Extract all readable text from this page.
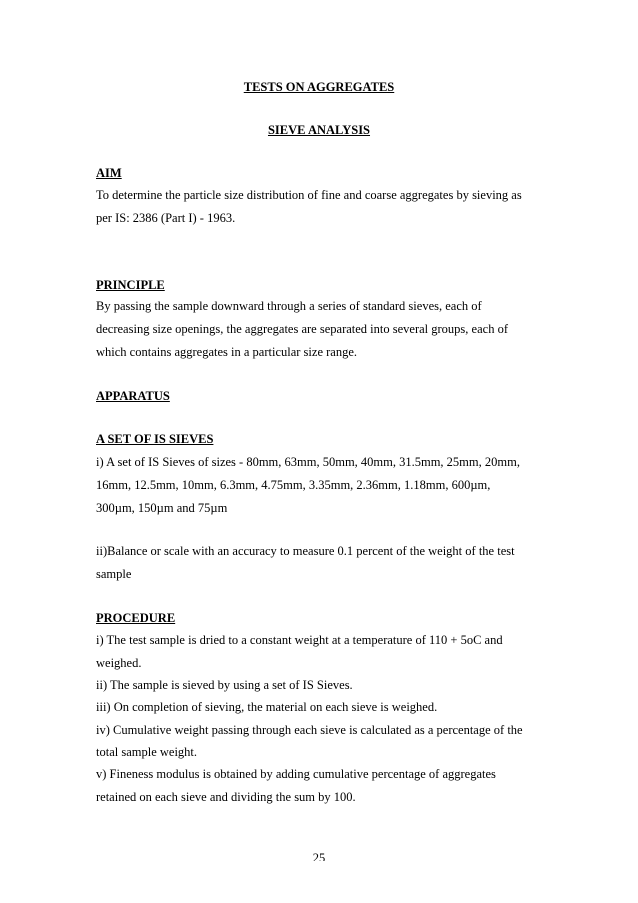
TESTS ON AGGREGATES
SIEVE ANALYSIS
AIM
To determine the particle size distribution of fine and coarse aggregates by sieving as
per IS: 2386 (Part I) - 1963.
PRINCIPLE
By passing the sample downward through a series of standard sieves, each of
decreasing size openings, the aggregates are separated into several groups, each of
which contains aggregates in a particular size range.
APPARATUS
A SET OF IS SIEVES
i) A set of IS Sieves of sizes - 80mm, 63mm, 50mm, 40mm, 31.5mm, 25mm, 20mm,
16mm, 12.5mm, 10mm, 6.3mm, 4.75mm, 3.35mm, 2.36mm, 1.18mm, 600µm,
300µm, 150µm and 75µm
ii)Balance or scale with an accuracy to measure 0.1 percent of the weight of the test
sample
PROCEDURE
i) The test sample is dried to a constant weight at a temperature of 110 + 5oC and
weighed.
ii) The sample is sieved by using a set of IS Sieves.
iii) On completion of sieving, the material on each sieve is weighed.
iv) Cumulative weight passing through each sieve is calculated as a percentage of the
total sample weight.
v) Fineness modulus is obtained by adding cumulative percentage of aggregates
retained on each sieve and dividing the sum by 100.
25
